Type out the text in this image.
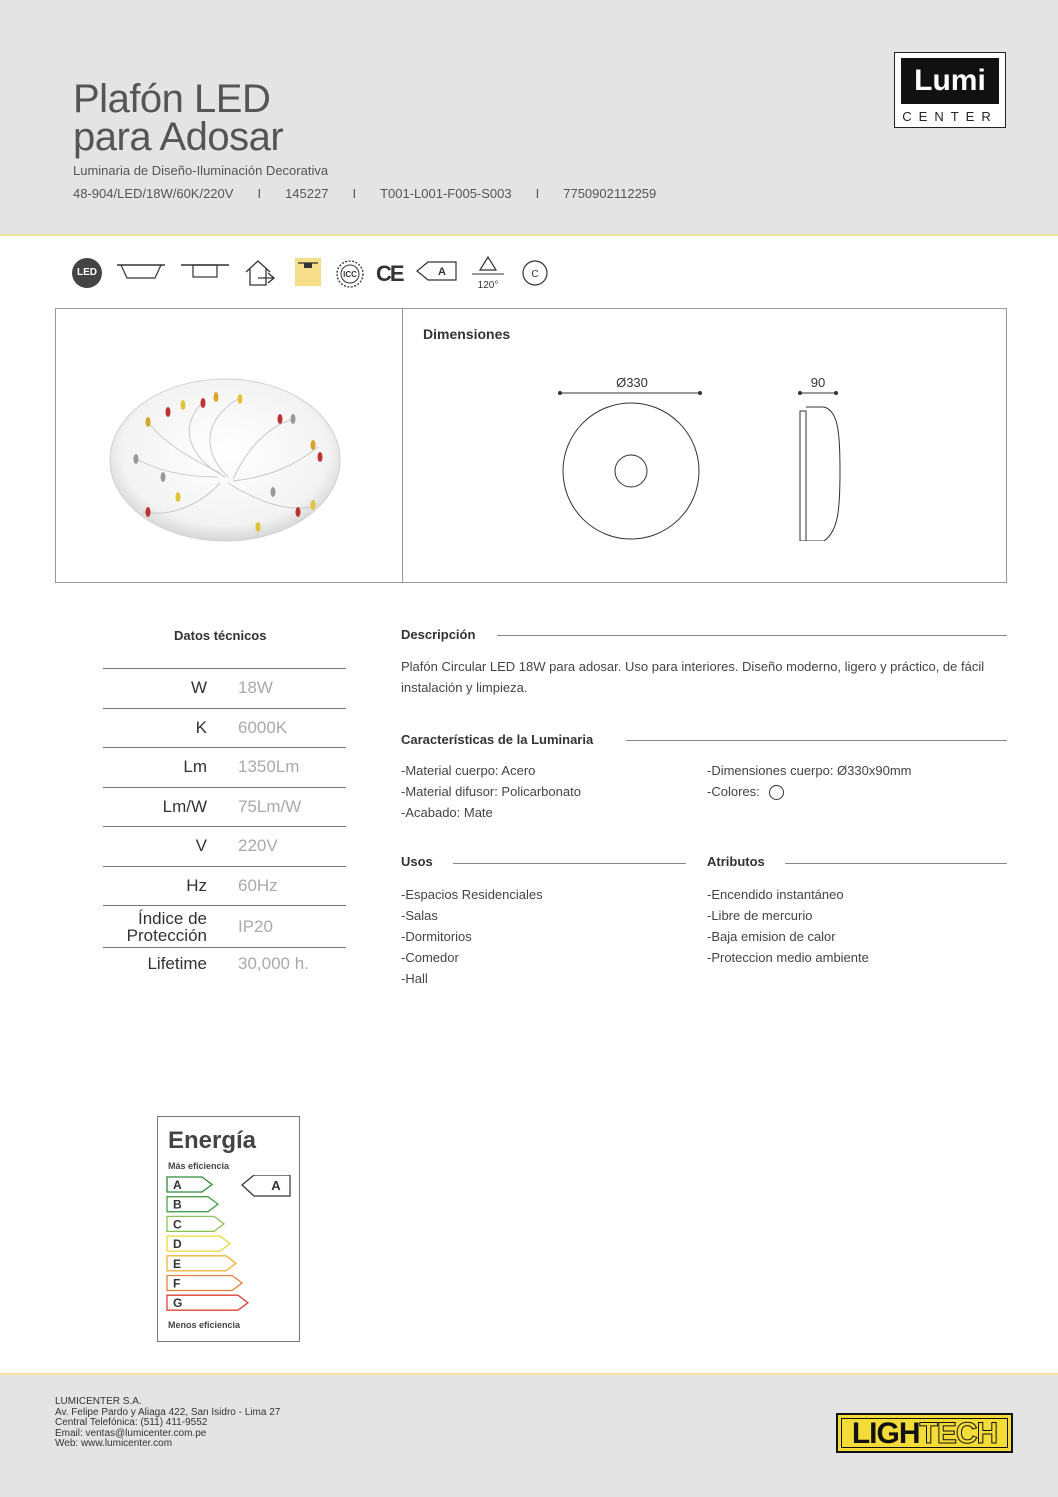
Plafón LED
para Adosar
Luminaria de Diseño-Iluminación Decorativa
48-904/LED/18W/60K/220V I 145227 I T001-L001-F005-S003 I 7750902112259
Lumi
CENTER
LED	ICC CE	A
120°
C
Dimensiones
Ø330	90
Datos técnicos
W 18W
K 6000K
Lm 1350Lm
Lm/W 75Lm/W
V 220V
Hz 60Hz
Índice de
Protección IP20
Lifetime 30,000 h.
Descripción
Plafón Circular LED 18W para adosar. Uso para interiores. Diseño moderno, ligero y práctico, de fácil instalación y limpieza.
Características de la Luminaria
-Material cuerpo: Acero
-Material difusor: Policarbonato
-Acabado: Mate
-Dimensiones cuerpo: Ø330x90mm
-Colores:
Usos
-Espacios Residenciales
-Salas
-Dormitorios
-Comedor
-Hall
Atributos
-Encendido instantáneo
-Libre de mercurio
-Baja emision de calor
-Proteccion medio ambiente
Energía
Más eficiencia
A
B
C
D
E
F
G
A
Menos eficiencia
LUMICENTER S.A.
Av. Felipe Pardo y Aliaga 422, San Isidro - Lima 27
Central Telefónica: (511) 411-9552
Email: ventas@lumicenter.com.pe
Web: www.lumicenter.com	LIGHTECH
